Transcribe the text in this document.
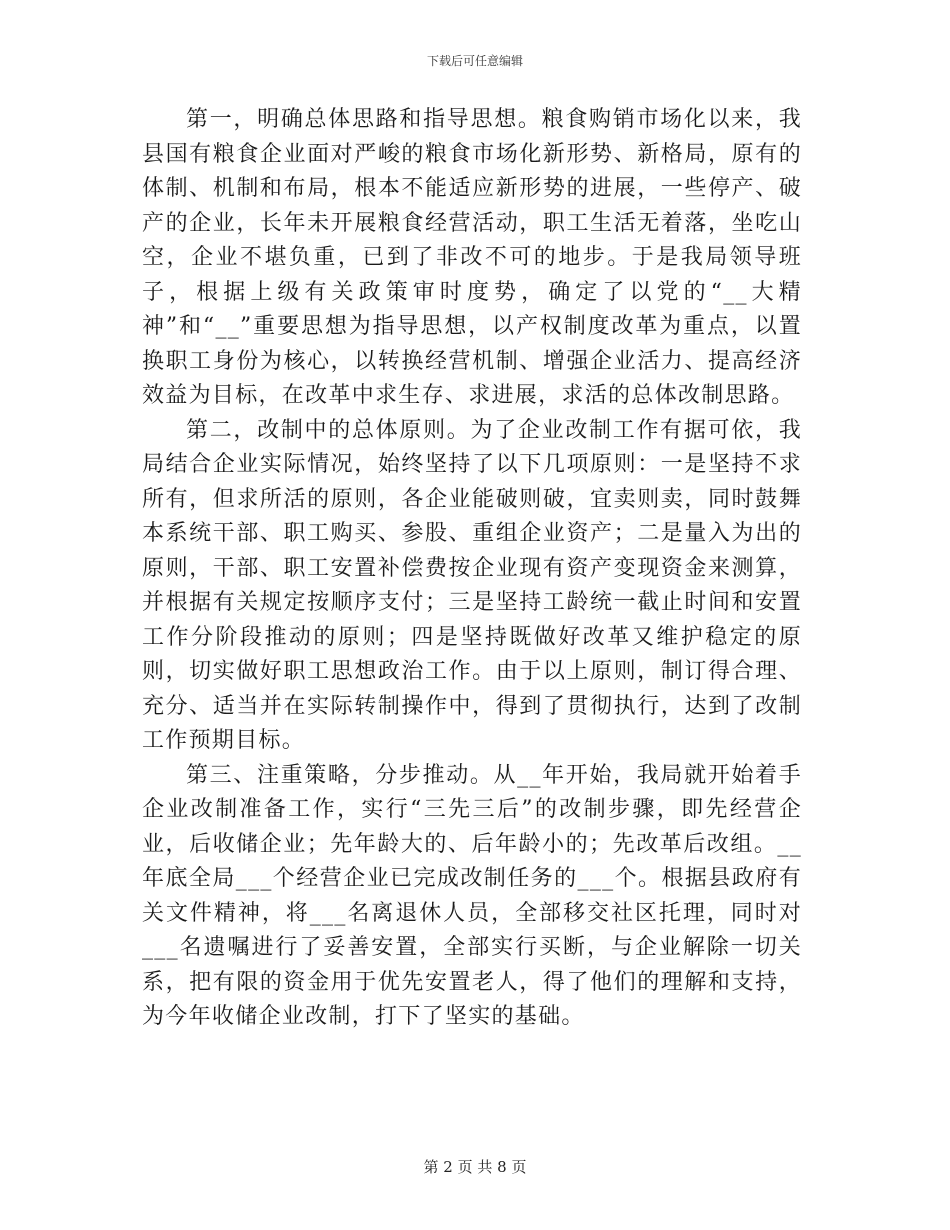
下载后可任意编辑

第一，明确总体思路和指导思想。粮食购销市场化以来，我县国有粮食企业面对严峻的粮食市场化新形势、新格局，原有的体制、机制和布局，根本不能适应新形势的进展，一些停产、破产的企业，长年未开展粮食经营活动，职工生活无着落，坐吃山空，企业不堪负重，已到了非改不可的地步。于是我局领导班子，根据上级有关政策审时度势，确定了以党的“__大精神”和“__”重要思想为指导思想，以产权制度改革为重点，以置换职工身份为核心，以转换经营机制、增强企业活力、提高经济效益为目标，在改革中求生存、求进展，求活的总体改制思路。

第二，改制中的总体原则。为了企业改制工作有据可依，我局结合企业实际情况，始终坚持了以下几项原则：一是坚持不求所有，但求所活的原则，各企业能破则破，宜卖则卖，同时鼓舞本系统干部、职工购买、参股、重组企业资产；二是量入为出的原则，干部、职工安置补偿费按企业现有资产变现资金来测算，并根据有关规定按顺序支付；三是坚持工龄统一截止时间和安置工作分阶段推动的原则；四是坚持既做好改革又维护稳定的原则，切实做好职工思想政治工作。由于以上原则，制订得合理、充分、适当并在实际转制操作中，得到了贯彻执行，达到了改制工作预期目标。

第三、注重策略，分步推动。从__年开始，我局就开始着手企业改制准备工作，实行“三先三后”的改制步骤，即先经营企业，后收储企业；先年龄大的、后年龄小的；先改革后改组。__年底全局___个经营企业已完成改制任务的___个。根据县政府有关文件精神，将___名离退休人员，全部移交社区托理，同时对___名遗嘱进行了妥善安置，全部实行买断，与企业解除一切关系，把有限的资金用于优先安置老人，得了他们的理解和支持，为今年收储企业改制，打下了坚实的基础。

第 2 页 共 8 页
